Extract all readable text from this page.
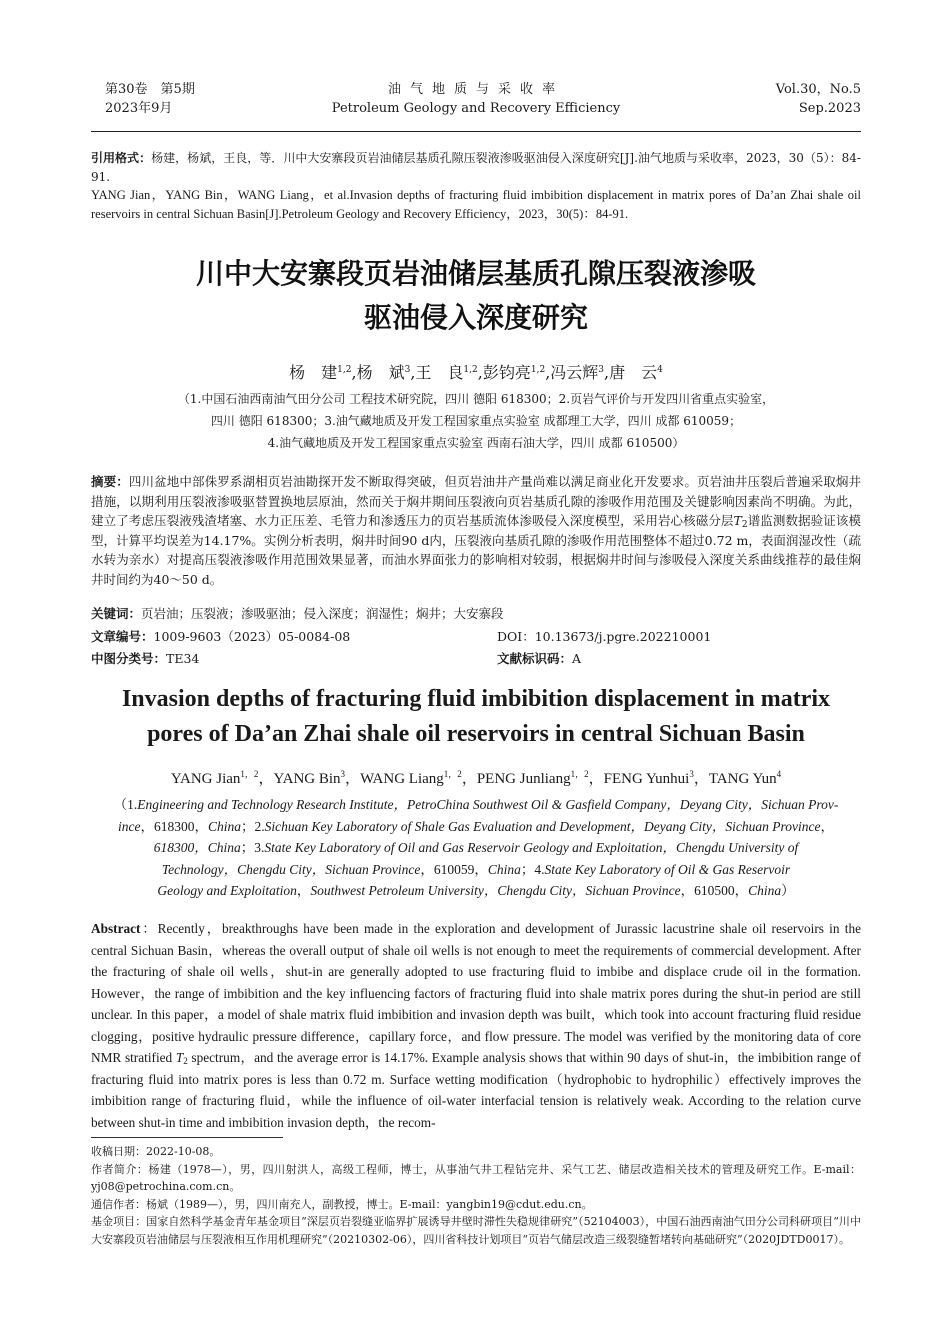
第30卷　第5期
2023年9月
油气地质与采收率
Petroleum Geology and Recovery Efficiency
Vol.30，No.5
Sep.2023
引用格式：杨建，杨斌，王良，等．川中大安寨段页岩油储层基质孔隙压裂液渗吸驱油侵入深度研究[J].油气地质与采收率，2023，30（5）：84-91.
YANG Jian，YANG Bin，WANG Liang，et al.Invasion depths of fracturing fluid imbibition displacement in matrix pores of Da’an Zhai shale oil reservoirs in central Sichuan Basin[J].Petroleum Geology and Recovery Efficiency，2023，30(5)：84-91.
川中大安寨段页岩油储层基质孔隙压裂液渗吸
驱油侵入深度研究
杨　建$^{1,2}$,杨　斌$^3$,王　良$^{1,2}$,彭钧亮$^{1,2}$,冯云辉$^3$,唐　云$^4$
（1.中国石油西南油气田分公司 工程技术研究院，四川 德阳 618300；2.页岩气评价与开发四川省重点实验室，
四川 德阳 618300；3.油气藏地质及开发工程国家重点实验室 成都理工大学，四川 成都 610059；
4.油气藏地质及开发工程国家重点实验室 西南石油大学，四川 成都 610500）
摘要：四川盆地中部侏罗系湖相页岩油勘探开发不断取得突破，但页岩油井产量尚难以满足商业化开发要求。页岩油井压裂后普遍采取焖井措施，以期利用压裂液渗吸驱替置换地层原油，然而关于焖井期间压裂液向页岩基质孔隙的渗吸作用范围及关键影响因素尚不明确。为此，建立了考虑压裂液残渣堵塞、水力正压差、毛管力和渗透压力的页岩基质流体渗吸侵入深度模型，采用岩心核磁分层$T_2$谱监测数据验证该模型，计算平均误差为14.17%。实例分析表明，焖井时间90 d内，压裂液向基质孔隙的渗吸作用范围整体不超过0.72 m，表面润湿改性（疏水转为亲水）对提高压裂液渗吸作用范围效果显著，而油水界面张力的影响相对较弱，根据焖井时间与渗吸侵入深度关系曲线推荐的最佳焖井时间约为40～50 d。
关键词：页岩油；压裂液；渗吸驱油；侵入深度；润湿性；焖井；大安寨段
文章编号：1009-9603（2023）05-0084-08	DOI：10.13673/j.pgre.202210001
中图分类号：TE34	文献标识码：A
Invasion depths of fracturing fluid imbibition displacement in matrix
pores of Da’an Zhai shale oil reservoirs in central Sichuan Basin
YANG Jian$^{1,2}$，YANG Bin$^3$，WANG Liang$^{1,2}$，PENG Junliang$^{1,2}$，FENG Yunhui$^3$，TANG Yun$^4$
（1.Engineering and Technology Research Institute，PetroChina Southwest Oil & Gasfield Company，Deyang City，Sichuan Prov-
ince，618300，China；2.Sichuan Key Laboratory of Shale Gas Evaluation and Development，Deyang City，Sichuan Province，
618300，China；3.State Key Laboratory of Oil and Gas Reservoir Geology and Exploitation，Chengdu University of
Technology，Chengdu City，Sichuan Province，610059，China；4.State Key Laboratory of Oil & Gas Reservoir
Geology and Exploitation，Southwest Petroleum University，Chengdu City，Sichuan Province，610500，China）
Abstract：Recently，breakthroughs have been made in the exploration and development of Jurassic lacustrine shale oil reservoirs in the central Sichuan Basin，whereas the overall output of shale oil wells is not enough to meet the requirements of commercial development. After the fracturing of shale oil wells，shut-in are generally adopted to use fracturing fluid to imbibe and displace crude oil in the formation. However，the range of imbibition and the key influencing factors of fracturing fluid into shale matrix pores during the shut-in period are still unclear. In this paper，a model of shale matrix fluid imbibition and invasion depth was built，which took into account fracturing fluid residue clogging，positive hydraulic pressure difference，capillary force，and flow pressure. The model was verified by the monitoring data of core NMR stratified $T_2$ spectrum，and the average error is 14.17%. Example analysis shows that within 90 days of shut-in，the imbibition range of fracturing fluid into matrix pores is less than 0.72 m. Surface wetting modification（hydrophobic to hydrophilic）effectively improves the imbibition range of fracturing fluid，while the influence of oil-water interfacial tension is relatively weak. According to the relation curve between shut-in time and imbibition invasion depth，the recom-
收稿日期：2022-10-08。
作者简介：杨建（1978—），男，四川射洪人，高级工程师，博士，从事油气井工程钻完井、采气工艺、储层改造相关技术的管理及研究工作。E-mail：yj08@petrochina.com.cn。
通信作者：杨斌（1989—），男，四川南充人，副教授，博士。E-mail：yangbin19@cdut.edu.cn。
基金项目：国家自然科学基金青年基金项目“深层页岩裂缝亚临界扩展诱导井壁时滞性失稳规律研究”（52104003），中国石油西南油气田分公司科研项目“川中大安寨段页岩油储层与压裂液相互作用机理研究”（20210302-06），四川省科技计划项目“页岩气储层改造三级裂缝暂堵转向基础研究”（2020JDTD0017）。
